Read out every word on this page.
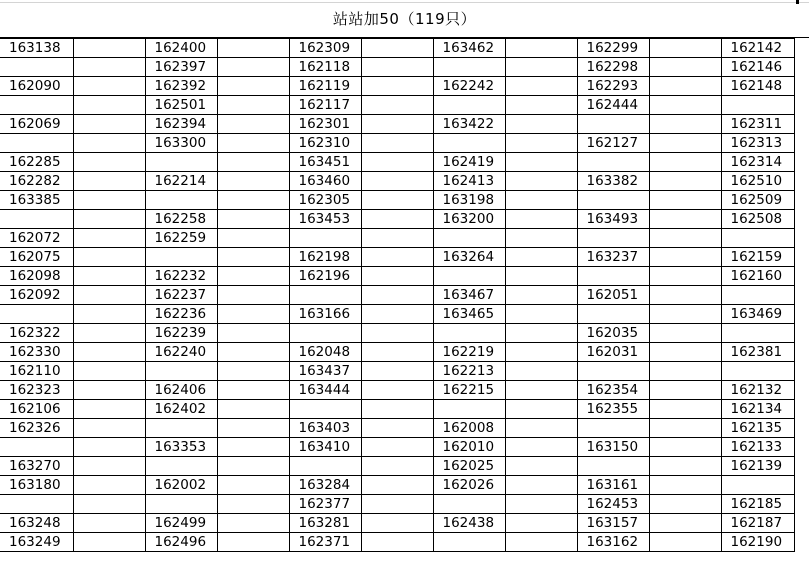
站站加50（119只）
163138		162400		162309		163462		162299		162142
		162397		162118				162298		162146
162090		162392		162119		162242		162293		162148
		162501		162117				162444		
162069		162394		162301		163422				162311
		163300		162310				162127		162313
162285				163451		162419				162314
162282		162214		163460		162413		163382		162510
163385				162305		163198				162509
		162258		163453		163200		163493		162508
162072		162259								
162075				162198		163264		163237		162159
162098		162232		162196						162160
162092		162237				163467		162051		
		162236		163166		163465				163469
162322		162239						162035		
162330		162240		162048		162219		162031		162381
162110				163437		162213				
162323		162406		163444		162215		162354		162132
162106		162402						162355		162134
162326				163403		162008				162135
		163353		163410		162010		163150		162133
163270						162025				162139
163180		162002		163284		162026		163161		
				162377				162453		162185
163248		162499		163281		162438		163157		162187
163249		162496		162371				163162		162190
